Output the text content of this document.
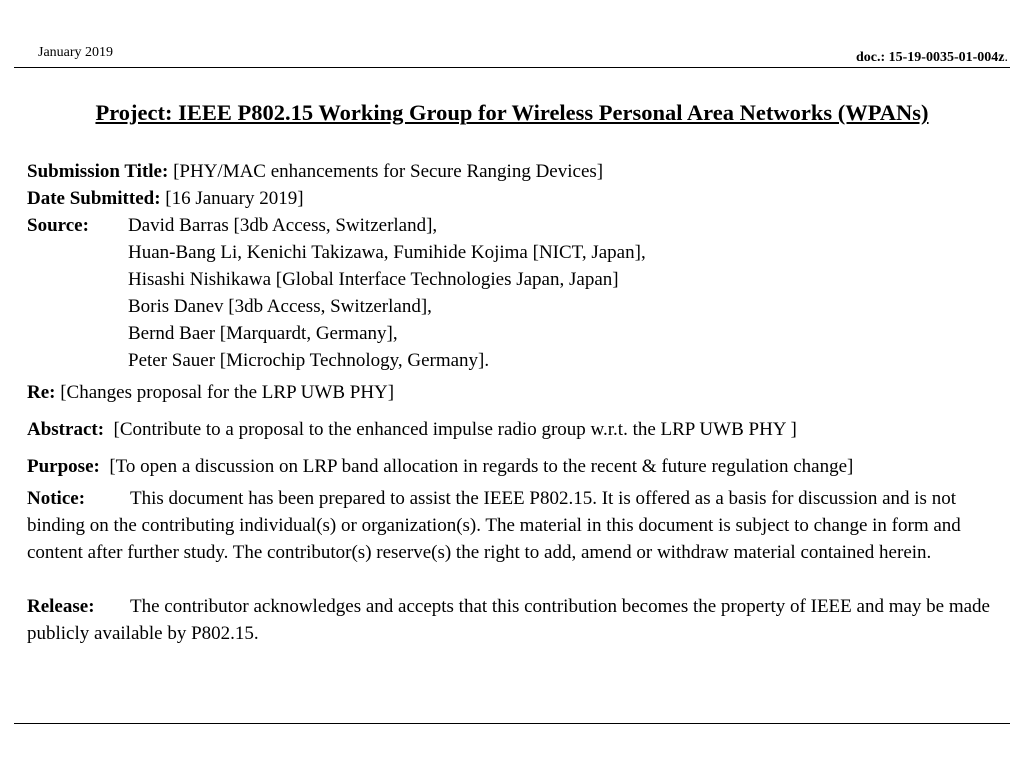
January 2019	doc.: 15-19-0035-01-004z.
Project: IEEE P802.15 Working Group for Wireless Personal Area Networks (WPANs)
Submission Title: [PHY/MAC enhancements for Secure Ranging Devices]
Date Submitted: [16 January 2019]
Source: David Barras [3db Access, Switzerland],
Huan-Bang Li, Kenichi Takizawa, Fumihide Kojima [NICT, Japan],
Hisashi Nishikawa [Global Interface Technologies Japan, Japan]
Boris Danev [3db Access, Switzerland],
Bernd Baer [Marquardt, Germany],
Peter Sauer [Microchip Technology, Germany].
Re: [Changes proposal for the LRP UWB PHY]
Abstract: [Contribute to a proposal to the enhanced impulse radio group w.r.t. the LRP UWB PHY ]
Purpose: [To open a discussion on LRP band allocation in regards to the recent & future regulation change]
Notice: This document has been prepared to assist the IEEE P802.15. It is offered as a basis for discussion and is not binding on the contributing individual(s) or organization(s). The material in this document is subject to change in form and content after further study. The contributor(s) reserve(s) the right to add, amend or withdraw material contained herein.
Release: The contributor acknowledges and accepts that this contribution becomes the property of IEEE and may be made publicly available by P802.15.
